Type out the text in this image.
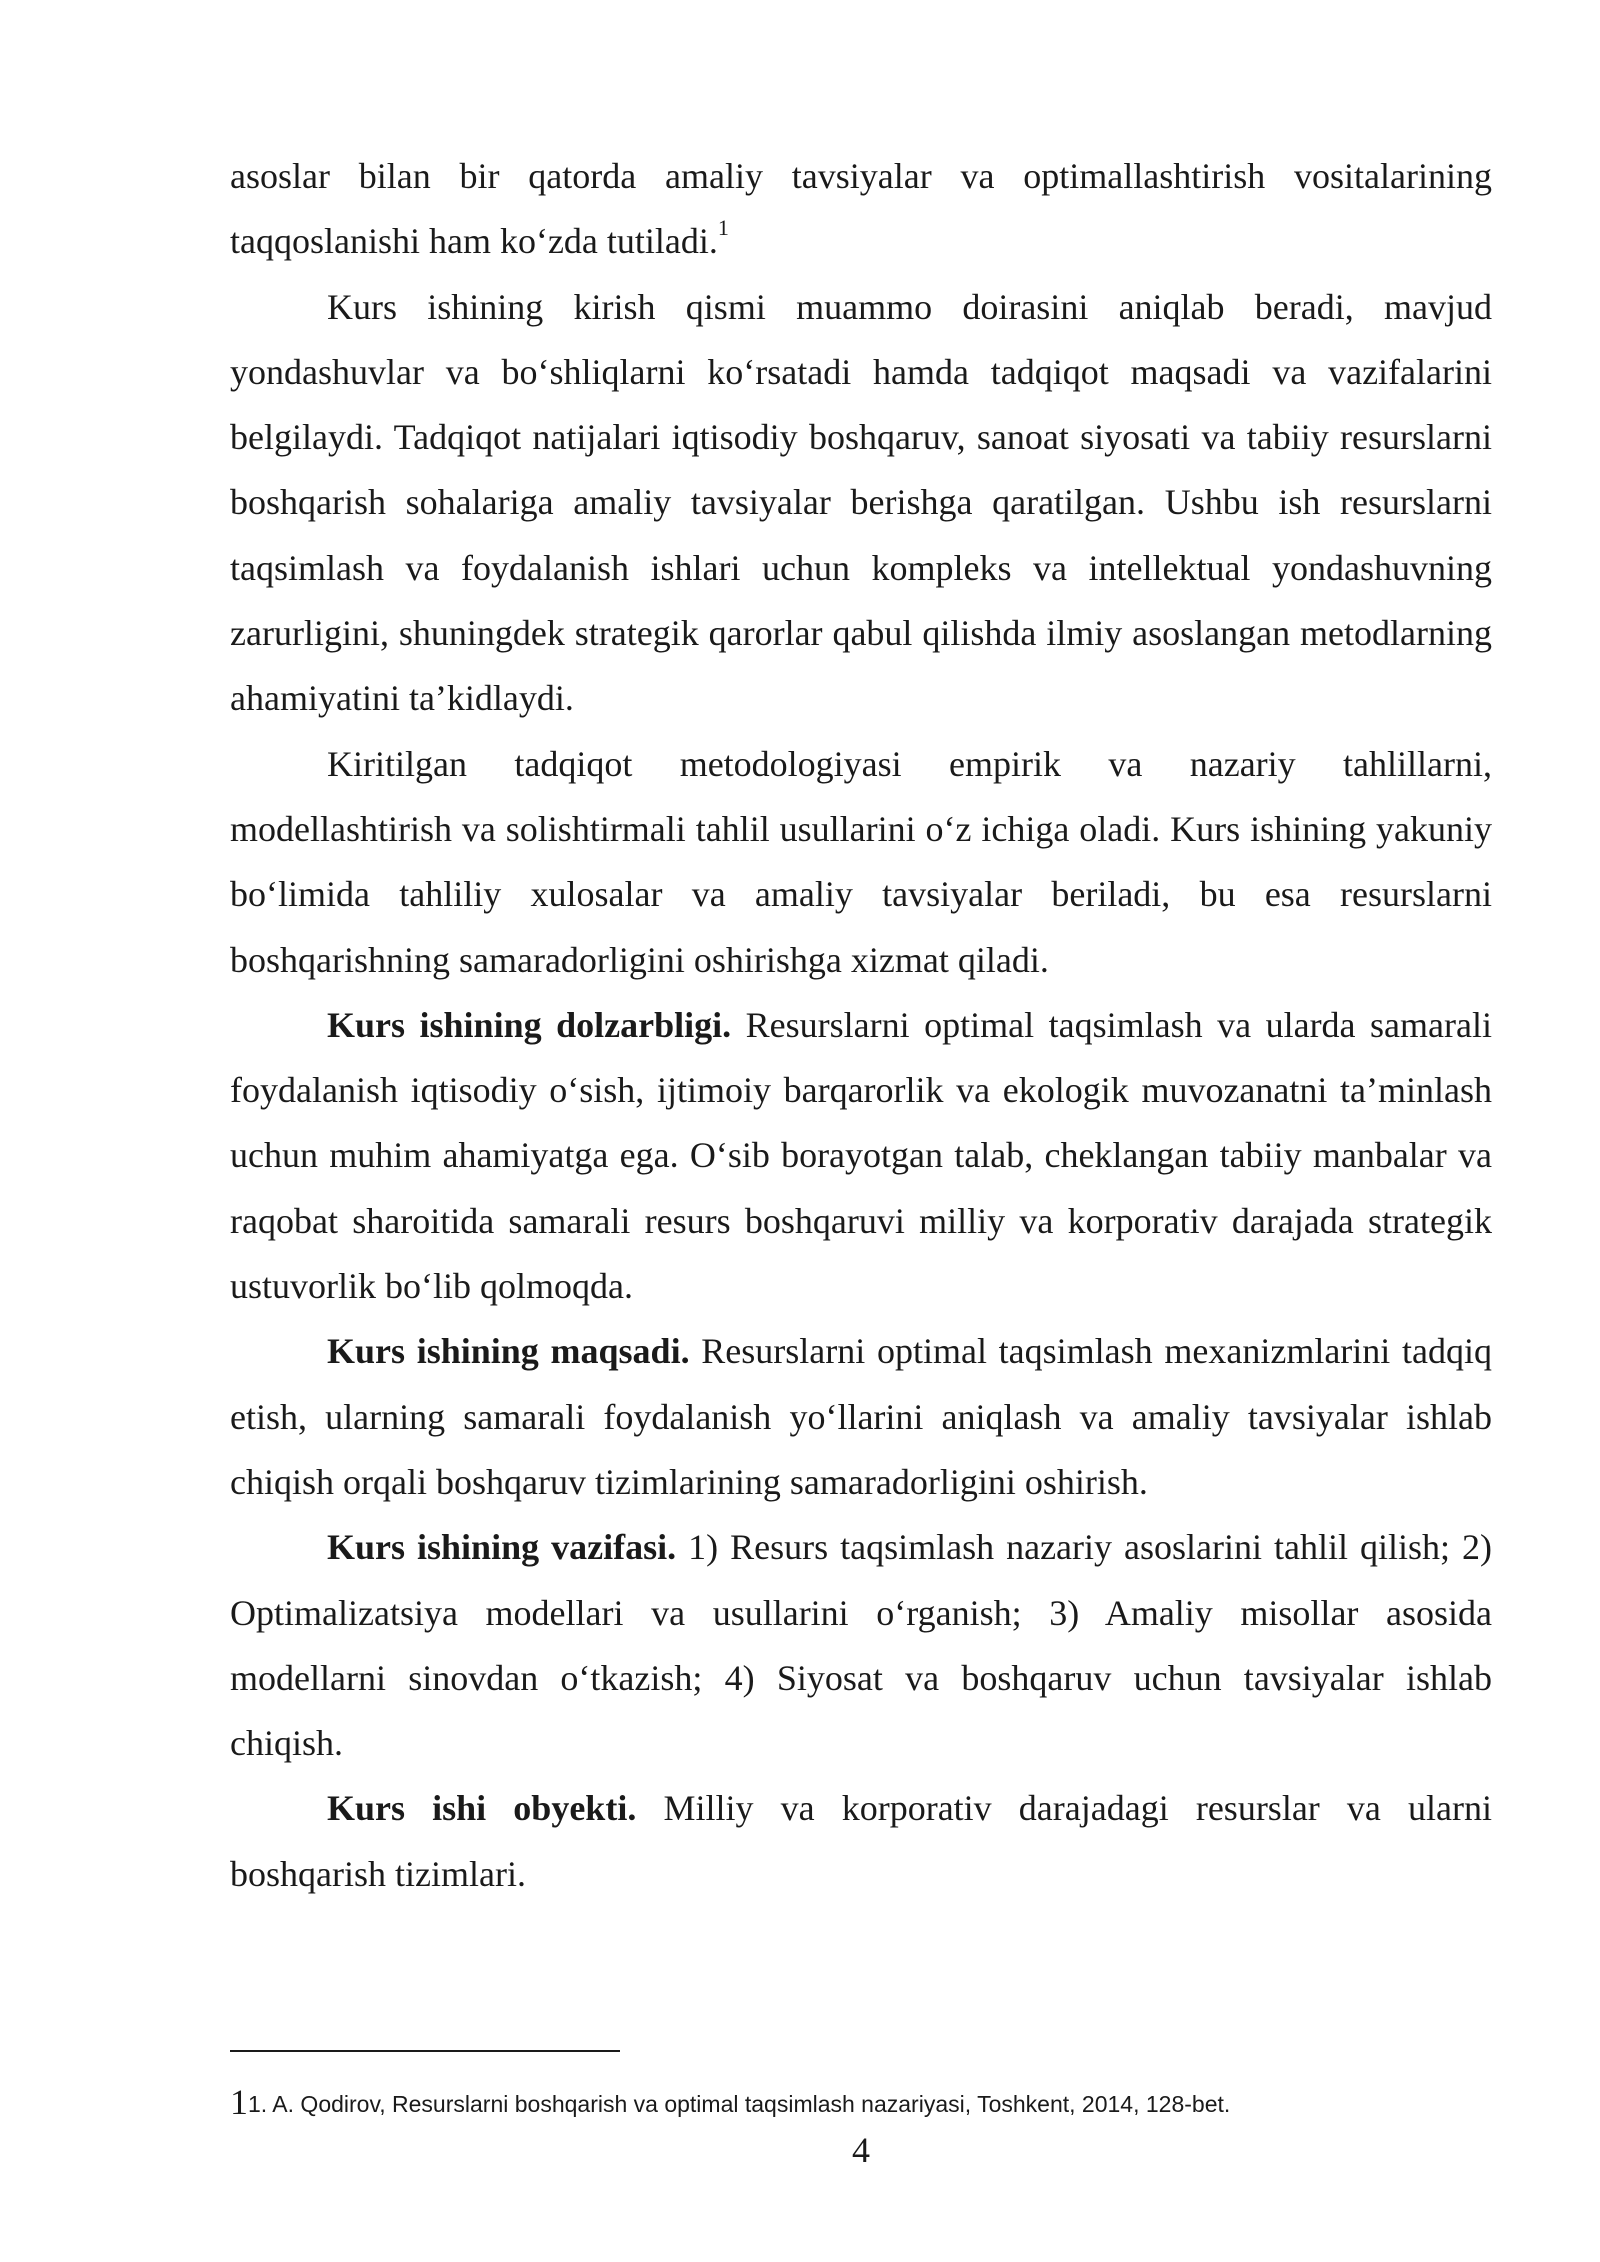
asoslar bilan bir qatorda amaliy tavsiyalar va optimallashtirish vositalarining taqqoslanishi ham ko‘zda tutiladi.$^1$

Kurs ishining kirish qismi muammo doirasini aniqlab beradi, mavjud yondashuvlar va bo‘shliqlarni ko‘rsatadi hamda tadqiqot maqsadi va vazifalarini belgilaydi. Tadqiqot natijalari iqtisodiy boshqaruv, sanoat siyosati va tabiiy resurslarni boshqarish sohalariga amaliy tavsiyalar berishga qaratilgan. Ushbu ish resurslarni taqsimlash va foydalanish ishlari uchun kompleks va intellektual yondashuvning zarurligini, shuningdek strategik qarorlar qabul qilishda ilmiy asoslangan metodlarning ahamiyatini ta’kidlaydi.

Kiritilgan tadqiqot metodologiyasi empirik va nazariy tahlillarni, modellashtirish va solishtirmali tahlil usullarini o‘z ichiga oladi. Kurs ishining yakuniy bo‘limida tahliliy xulosalar va amaliy tavsiyalar beriladi, bu esa resurslarni boshqarishning samaradorligini oshirishga xizmat qiladi.

Kurs ishining dolzarbligi. Resurslarni optimal taqsimlash va ularda samarali foydalanish iqtisodiy o‘sish, ijtimoiy barqarorlik va ekologik muvozanatni ta’minlash uchun muhim ahamiyatga ega. O‘sib borayotgan talab, cheklangan tabiiy manbalar va raqobat sharoitida samarali resurs boshqaruvi milliy va korporativ darajada strategik ustuvorlik bo‘lib qolmoqda.

Kurs ishining maqsadi. Resurslarni optimal taqsimlash mexanizmlarini tadqiq etish, ularning samarali foydalanish yo‘llarini aniqlash va amaliy tavsiyalar ishlab chiqish orqali boshqaruv tizimlarining samaradorligini oshirish.

Kurs ishining vazifasi. 1) Resurs taqsimlash nazariy asoslarini tahlil qilish; 2) Optimalizatsiya modellari va usullarini o‘rganish; 3) Amaliy misollar asosida modellarni sinovdan o‘tkazish; 4) Siyosat va boshqaruv uchun tavsiyalar ishlab chiqish.

Kurs ishi obyekti. Milliy va korporativ darajadagi resurslar va ularni boshqarish tizimlari.

11. A. Qodirov, Resurslarni boshqarish va optimal taqsimlash nazariyasi, Toshkent, 2014, 128-bet.
4
